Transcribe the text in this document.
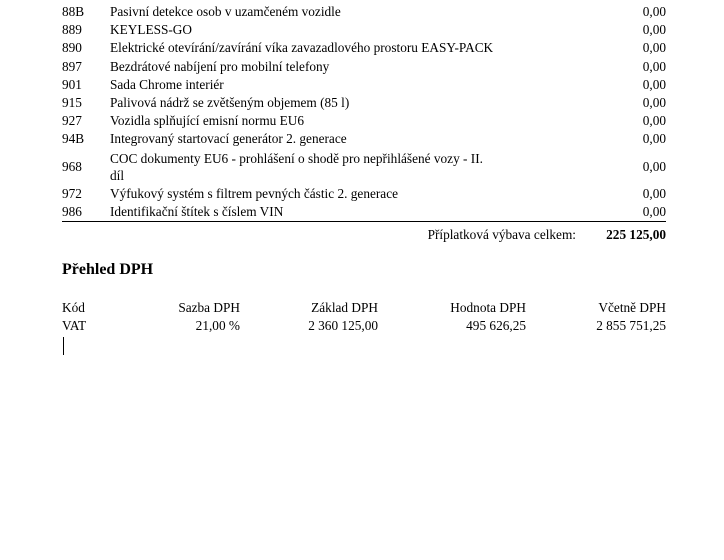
88B	Pasivní detekce osob v uzamčeném vozidle	0,00
889	KEYLESS-GO	0,00
890	Elektrické otevírání/zavírání víka zavazadlového prostoru EASY-PACK	0,00
897	Bezdrátové nabíjení pro mobilní telefony	0,00
901	Sada Chrome interiér	0,00
915	Palivová nádrž se zvětšeným objemem (85 l)	0,00
927	Vozidla splňující emisní normu EU6	0,00
94B	Integrovaný startovací generátor 2. generace	0,00
968	COC dokumenty EU6 - prohlášení o shodě pro nepřihlášené vozy - II. díl	0,00
972	Výfukový systém s filtrem pevných částic 2. generace	0,00
986	Identifikační štítek s číslem VIN	0,00
Příplatková výbava celkem: 225 125,00
Přehled DPH
Kód	Sazba DPH	Základ DPH	Hodnota DPH	Včetně DPH
VAT	21,00 %	2 360 125,00	495 626,25	2 855 751,25
